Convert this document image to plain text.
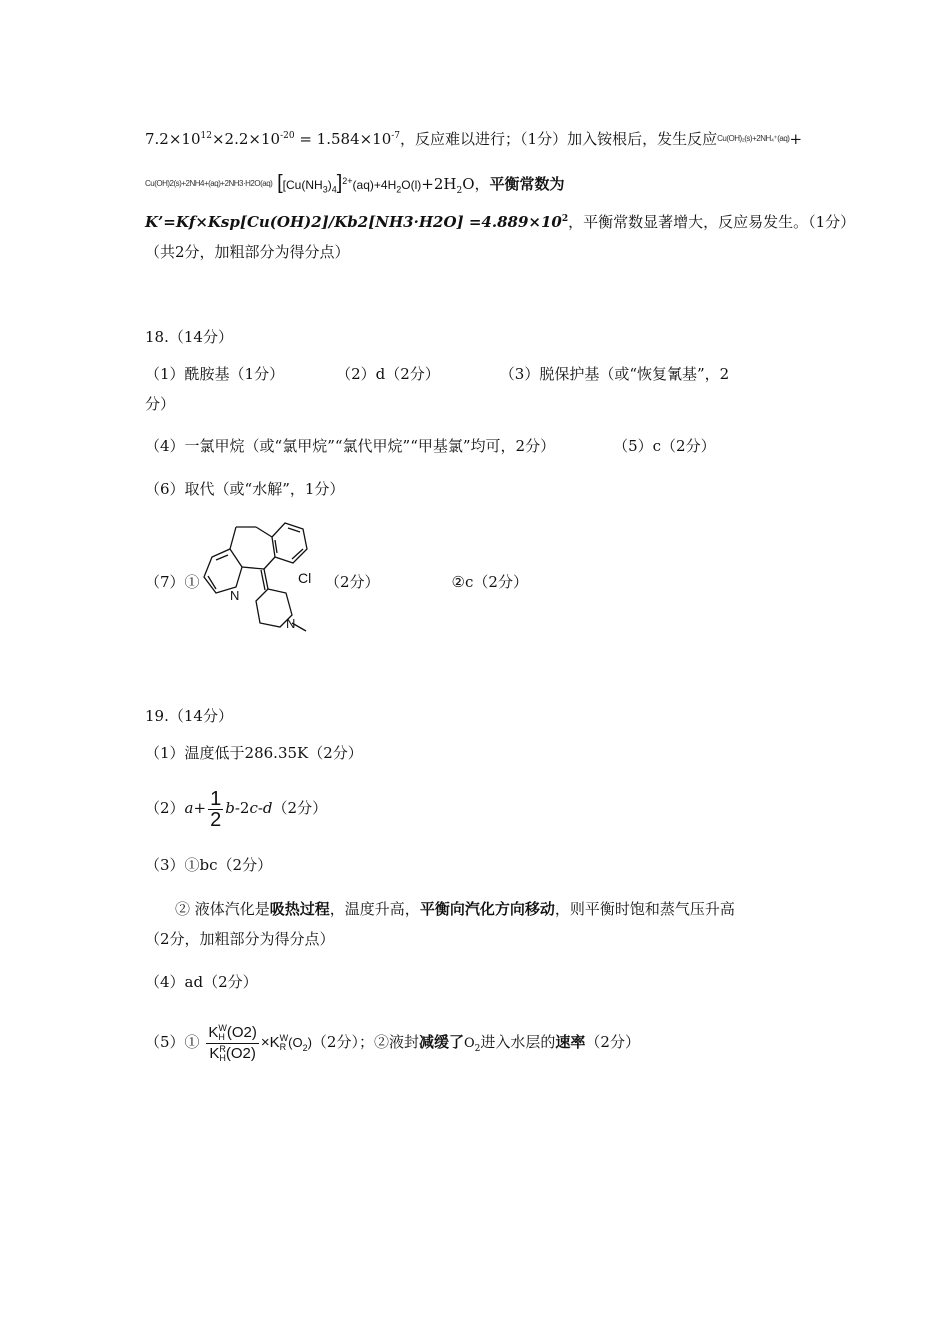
$7.2\times 10^{12}\times 2.2\times 10^{-20} = 1.584\times 10^{-7}$，反应难以进行；（1分）加入铵根后，发生反应$^{Cu(OH)_2(s)+2NH_4^+(aq)}$+
$^{Cu(OH)2(s)+2NH4+(aq)+2NH3\cdot H2O(aq)}$ [$[Cu(NH_3)_4]^{2+}(aq)+4H_2O(l)+2H_2O$，平衡常数为
K’=Kf×Ksp[Cu(OH)2]/Kb2[NH3·H2O] $=4.889\times 10^2$，平衡常数显著增大，反应易发生。（1分）
（共2分，加粗部分为得分点）
18.（14分）
（1）酰胺基（1分）	（2）d（2分）	（3）脱保护基（或“恢复氰基”，2
分）
（4）一氯甲烷（或“氯甲烷”“氯代甲烷”“甲基氯”均可，2分）	（5）c（2分）
（6）取代（或“水解”，1分）
（7）①	Cl
N
N
（2分）	②c（2分）
19.（14分）
（1）温度低于286.35K（2分）
$(2)a+ \frac{1}{2} b-2c-d(2$分）
（3）①bc（2分）
② 液体汽化是吸热过程，温度升高，平衡向汽化方向移动，则平衡时饱和蒸气压升高
（2分，加粗部分为得分点）
（4）ad（2分）
（5）① K W
H (O2)
K R
H (O2) ×K W
R $(O_2)(2$分）；②液封减缓了$O_2$进入水层的速率（2分）
